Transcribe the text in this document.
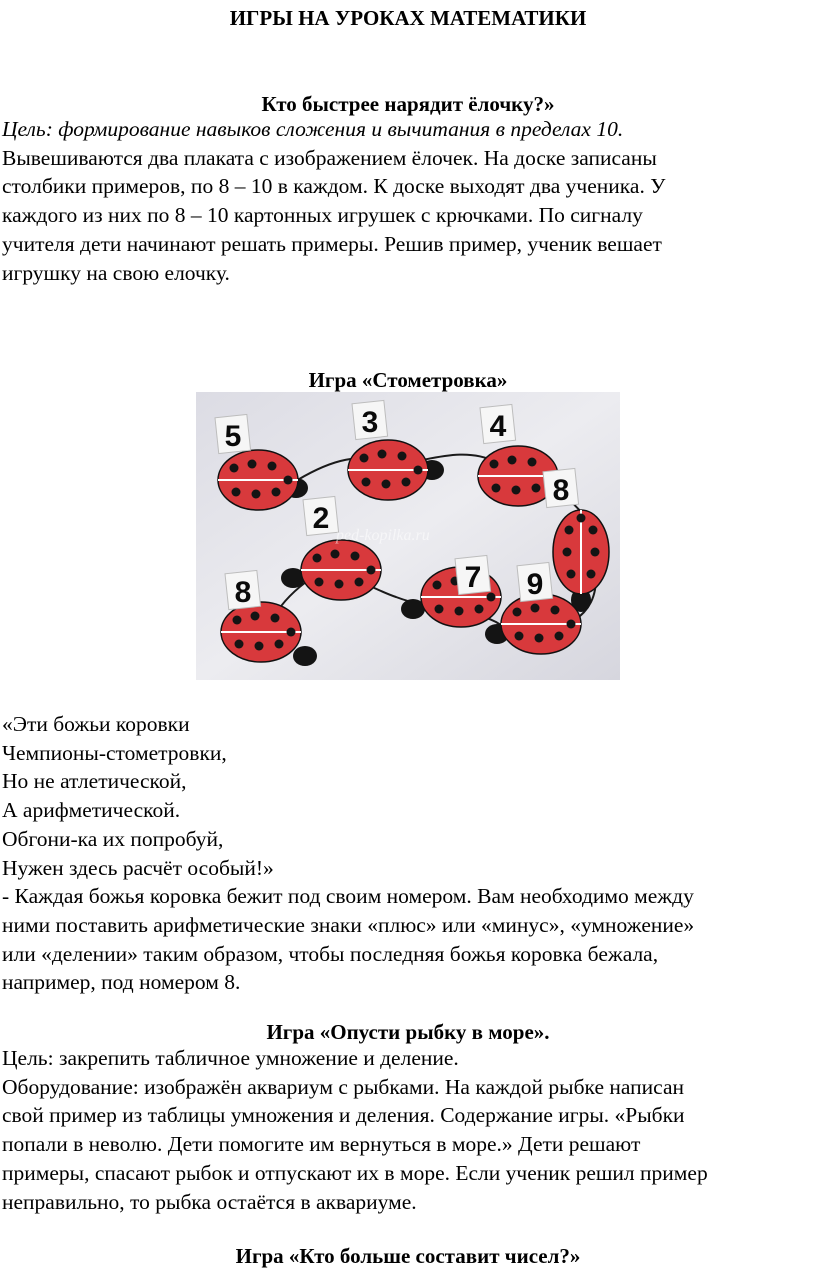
ИГРЫ НА УРОКАХ МАТЕМАТИКИ
Кто быстрее нарядит ёлочку?»
Цель: формирование навыков сложения и вычитания в пределах 10.
Вывешиваются два плаката с изображением ёлочек. На доске записаны
столбики примеров, по 8 – 10 в каждом. К доске выходят два ученика. У
каждого из них по 8 – 10 картонных игрушек с крючками. По сигналу
учителя дети начинают решать примеры. Решив пример, ученик вешает
игрушку на свою елочку.
Игра «Стометровка»
5	3	4
2
8
8
7 9
ped-kopilka.ru
«Эти божьи коровки
Чемпионы-стометровки,
Но не атлетической,
А арифметической.
Обгони-ка их попробуй,
Нужен здесь расчёт особый!»
- Каждая божья коровка бежит под своим номером. Вам необходимо между
ними поставить арифметические знаки «плюс» или «минус», «умножение»
или «делении» таким образом, чтобы последняя божья коровка бежала,
например, под номером 8.
Игра «Опусти рыбку в море».
Цель: закрепить табличное умножение и деление.
Оборудование: изображён аквариум с рыбками. На каждой рыбке написан
свой пример из таблицы умножения и деления. Содержание игры. «Рыбки
попали в неволю. Дети помогите им вернуться в море.» Дети решают
примеры, спасают рыбок и отпускают их в море. Если ученик решил пример
неправильно, то рыбка остаётся в аквариуме.
Игра «Кто больше составит чисел?»
